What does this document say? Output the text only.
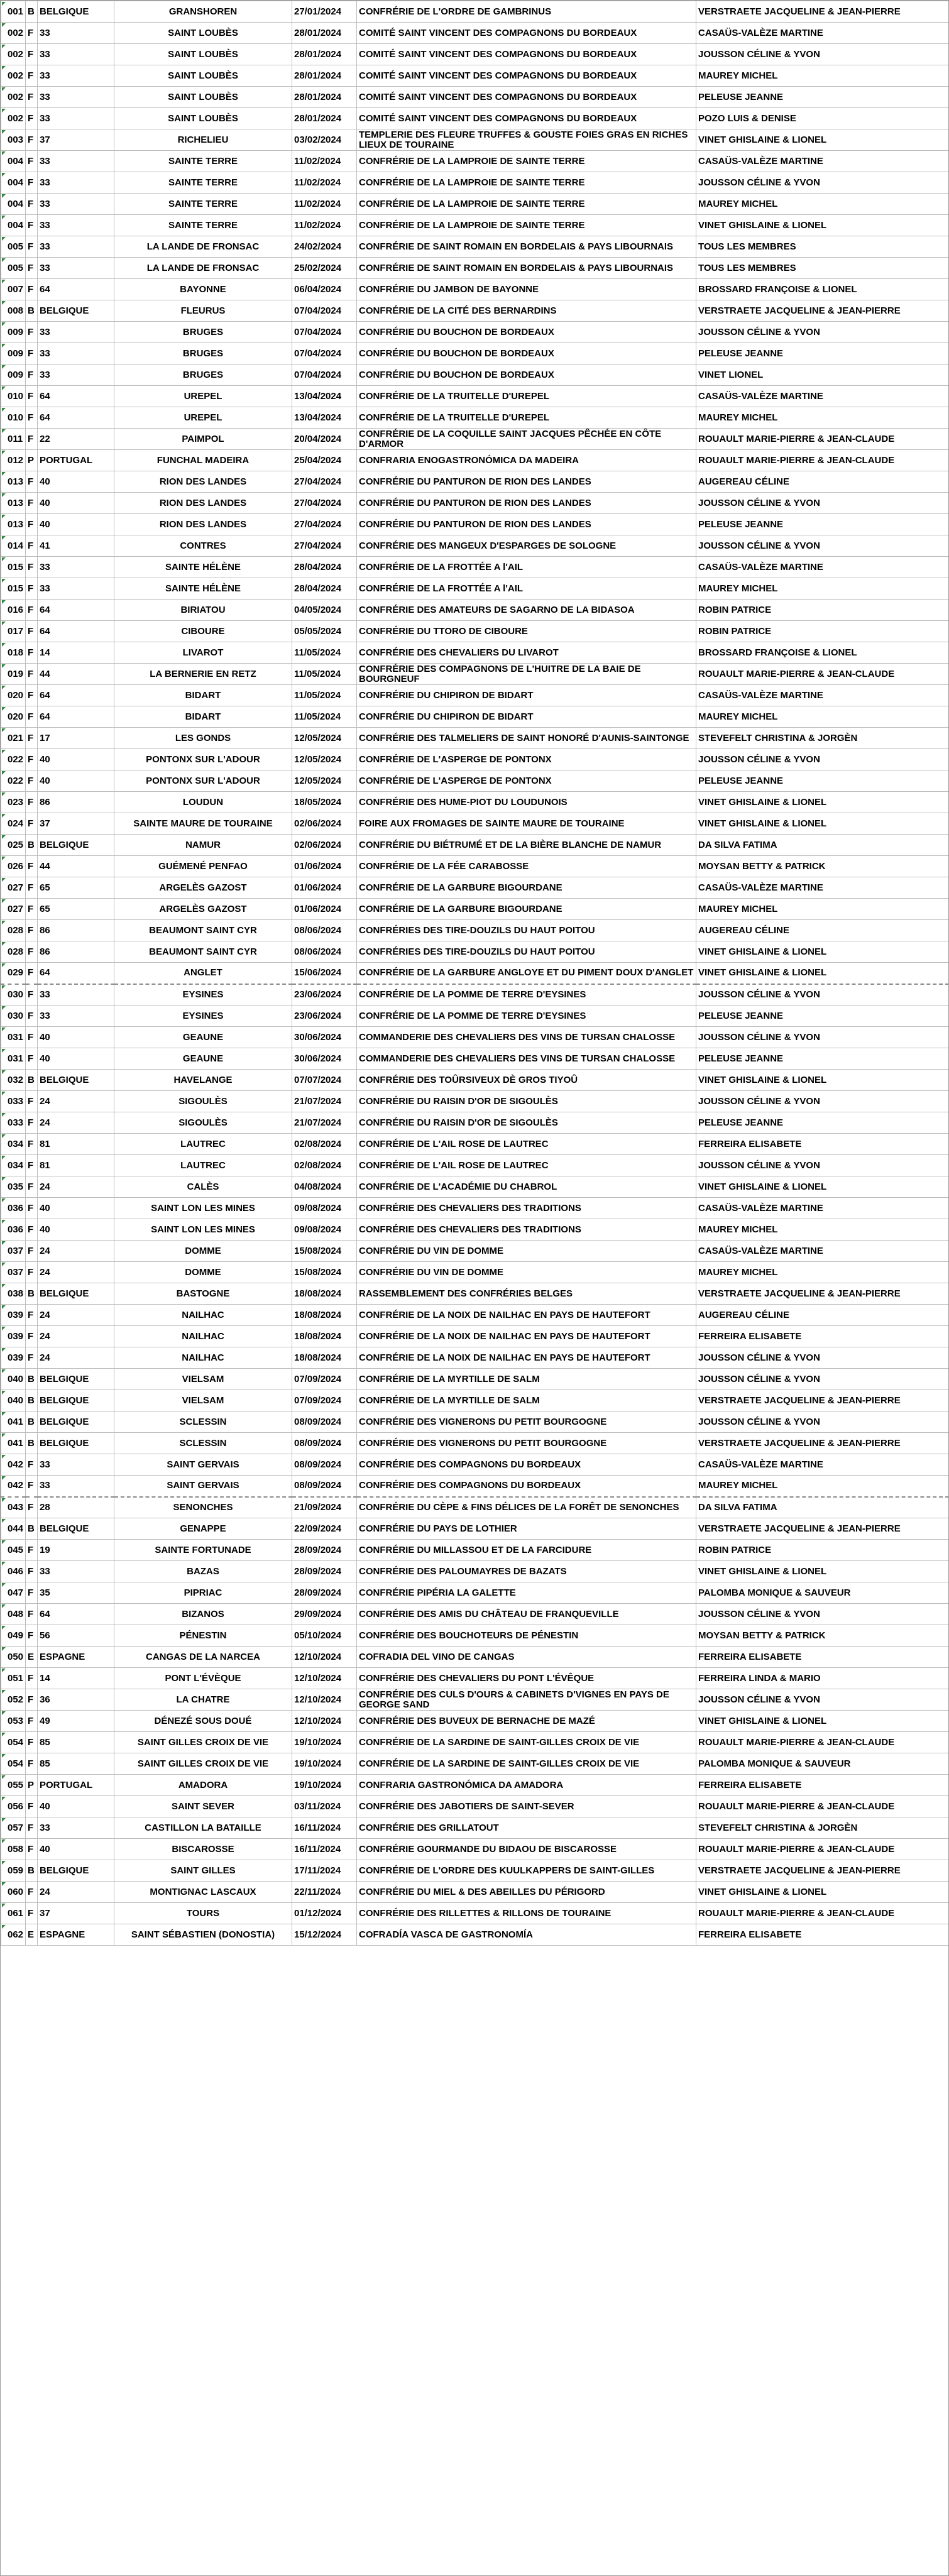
001	B	BELGIQUE	GRANSHOREN	27/01/2024	CONFRÉRIE DE L'ORDRE DE GAMBRINUS	VERSTRAETE JACQUELINE & JEAN-PIERRE
002	F	33	SAINT LOUBÈS	28/01/2024	COMITÉ SAINT VINCENT DES COMPAGNONS DU BORDEAUX	CASAÜS-VALÈZE MARTINE
002	F	33	SAINT LOUBÈS	28/01/2024	COMITÉ SAINT VINCENT DES COMPAGNONS DU BORDEAUX	JOUSSON CÉLINE & YVON
002	F	33	SAINT LOUBÈS	28/01/2024	COMITÉ SAINT VINCENT DES COMPAGNONS DU BORDEAUX	MAUREY MICHEL
002	F	33	SAINT LOUBÈS	28/01/2024	COMITÉ SAINT VINCENT DES COMPAGNONS DU BORDEAUX	PELEUSE JEANNE
002	F	33	SAINT LOUBÈS	28/01/2024	COMITÉ SAINT VINCENT DES COMPAGNONS DU BORDEAUX	POZO LUIS & DENISE
003	F	37	RICHELIEU	03/02/2024	TEMPLERIE DES FLEURE TRUFFES & GOUSTE FOIES GRAS EN RICHES LIEUX DE TOURAINE	VINET GHISLAINE & LIONEL
004	F	33	SAINTE TERRE	11/02/2024	CONFRÉRIE DE LA LAMPROIE DE SAINTE TERRE	CASAÜS-VALÈZE MARTINE
004	F	33	SAINTE TERRE	11/02/2024	CONFRÉRIE DE LA LAMPROIE DE SAINTE TERRE	JOUSSON CÉLINE & YVON
004	F	33	SAINTE TERRE	11/02/2024	CONFRÉRIE DE LA LAMPROIE DE SAINTE TERRE	MAUREY MICHEL
004	F	33	SAINTE TERRE	11/02/2024	CONFRÉRIE DE LA LAMPROIE DE SAINTE TERRE	VINET GHISLAINE & LIONEL
005	F	33	LA LANDE DE FRONSAC	24/02/2024	CONFRÉRIE DE SAINT ROMAIN EN BORDELAIS & PAYS LIBOURNAIS	TOUS LES MEMBRES
005	F	33	LA LANDE DE FRONSAC	25/02/2024	CONFRÉRIE DE SAINT ROMAIN EN BORDELAIS & PAYS LIBOURNAIS	TOUS LES MEMBRES
007	F	64	BAYONNE	06/04/2024	CONFRÉRIE DU JAMBON DE BAYONNE	BROSSARD FRANÇOISE & LIONEL
008	B	BELGIQUE	FLEURUS	07/04/2024	CONFRÉRIE DE LA CITÉ DES BERNARDINS	VERSTRAETE JACQUELINE & JEAN-PIERRE
009	F	33	BRUGES	07/04/2024	CONFRÉRIE DU BOUCHON DE BORDEAUX	JOUSSON CÉLINE & YVON
009	F	33	BRUGES	07/04/2024	CONFRÉRIE DU BOUCHON DE BORDEAUX	PELEUSE JEANNE
009	F	33	BRUGES	07/04/2024	CONFRÉRIE DU BOUCHON DE BORDEAUX	VINET LIONEL
010	F	64	UREPEL	13/04/2024	CONFRÉRIE DE LA TRUITELLE D'UREPEL	CASAÜS-VALÈZE MARTINE
010	F	64	UREPEL	13/04/2024	CONFRÉRIE DE LA TRUITELLE D'UREPEL	MAUREY MICHEL
011	F	22	PAIMPOL	20/04/2024	CONFRÉRIE DE LA COQUILLE SAINT JACQUES PÊCHÉE EN CÔTE D'ARMOR	ROUAULT MARIE-PIERRE & JEAN-CLAUDE
012	P	PORTUGAL	FUNCHAL MADEIRA	25/04/2024	CONFRARIA ENOGASTRONÓMICA DA MADEIRA	ROUAULT MARIE-PIERRE & JEAN-CLAUDE
013	F	40	RION DES LANDES	27/04/2024	CONFRÉRIE DU PANTURON DE RION DES LANDES	AUGEREAU CÉLINE
013	F	40	RION DES LANDES	27/04/2024	CONFRÉRIE DU PANTURON DE RION DES LANDES	JOUSSON CÉLINE & YVON
013	F	40	RION DES LANDES	27/04/2024	CONFRÉRIE DU PANTURON DE RION DES LANDES	PELEUSE JEANNE
014	F	41	CONTRES	27/04/2024	CONFRÉRIE DES MANGEUX D'ESPARGES DE SOLOGNE	JOUSSON CÉLINE & YVON
015	F	33	SAINTE HÉLÈNE	28/04/2024	CONFRÉRIE DE LA FROTTÉE A l'AIL	CASAÜS-VALÈZE MARTINE
015	F	33	SAINTE HÉLÈNE	28/04/2024	CONFRÉRIE DE LA FROTTÉE A l'AIL	MAUREY MICHEL
016	F	64	BIRIATOU	04/05/2024	CONFRÉRIE DES AMATEURS DE SAGARNO DE LA BIDASOA	ROBIN PATRICE
017	F	64	CIBOURE	05/05/2024	CONFRÉRIE DU TTORO DE CIBOURE	ROBIN PATRICE
018	F	14	LIVAROT	11/05/2024	CONFRÉRIE DES CHEVALIERS DU LIVAROT	BROSSARD FRANÇOISE & LIONEL
019	F	44	LA BERNERIE EN RETZ	11/05/2024	CONFRÉRIE DES COMPAGNONS DE L'HUITRE DE LA BAIE DE BOURGNEUF	ROUAULT MARIE-PIERRE & JEAN-CLAUDE
020	F	64	BIDART	11/05/2024	CONFRÉRIE DU CHIPIRON DE BIDART	CASAÜS-VALÈZE MARTINE
020	F	64	BIDART	11/05/2024	CONFRÉRIE DU CHIPIRON DE BIDART	MAUREY MICHEL
021	F	17	LES GONDS	12/05/2024	CONFRÉRIE DES TALMELIERS DE SAINT HONORÉ D'AUNIS-SAINTONGE	STEVEFELT CHRISTINA & JORGÈN
022	F	40	PONTONX SUR L'ADOUR	12/05/2024	CONFRÉRIE DE L'ASPERGE DE PONTONX	JOUSSON CÉLINE & YVON
022	F	40	PONTONX SUR L'ADOUR	12/05/2024	CONFRÉRIE DE L'ASPERGE DE PONTONX	PELEUSE JEANNE
023	F	86	LOUDUN	18/05/2024	CONFRÉRIE DES HUME-PIOT DU LOUDUNOIS	VINET GHISLAINE & LIONEL
024	F	37	SAINTE MAURE DE TOURAINE	02/06/2024	FOIRE AUX FROMAGES DE SAINTE MAURE DE TOURAINE	VINET GHISLAINE & LIONEL
025	B	BELGIQUE	NAMUR	02/06/2024	CONFRÉRIE DU BIÉTRUMÉ ET DE LA BIÈRE BLANCHE DE NAMUR	DA SILVA FATIMA
026	F	44	GUÉMENÉ PENFAO	01/06/2024	CONFRÉRIE DE LA FÉE CARABOSSE	MOYSAN BETTY & PATRICK
027	F	65	ARGELÈS GAZOST	01/06/2024	CONFRÉRIE DE LA GARBURE BIGOURDANE	CASAÜS-VALÈZE MARTINE
027	F	65	ARGELÈS GAZOST	01/06/2024	CONFRÉRIE DE LA GARBURE BIGOURDANE	MAUREY MICHEL
028	F	86	BEAUMONT SAINT CYR	08/06/2024	CONFRÉRIES DES TIRE-DOUZILS DU HAUT POITOU	AUGEREAU CÉLINE
028	F	86	BEAUMONT SAINT CYR	08/06/2024	CONFRÉRIES DES TIRE-DOUZILS DU HAUT POITOU	VINET GHISLAINE & LIONEL
029	F	64	ANGLET	15/06/2024	CONFRÉRIE DE LA GARBURE ANGLOYE ET DU PIMENT DOUX D'ANGLET	VINET GHISLAINE & LIONEL
030	F	33	EYSINES	23/06/2024	CONFRÉRIE DE LA POMME DE TERRE D'EYSINES	JOUSSON CÉLINE & YVON
030	F	33	EYSINES	23/06/2024	CONFRÉRIE DE LA POMME DE TERRE D'EYSINES	PELEUSE JEANNE
031	F	40	GEAUNE	30/06/2024	COMMANDERIE DES CHEVALIERS DES VINS DE TURSAN CHALOSSE	JOUSSON CÉLINE & YVON
031	F	40	GEAUNE	30/06/2024	COMMANDERIE DES CHEVALIERS DES VINS DE TURSAN CHALOSSE	PELEUSE JEANNE
032	B	BELGIQUE	HAVELANGE	07/07/2024	CONFRÉRIE DES TOÛRSIVEUX DÈ GROS TIYOÛ	VINET GHISLAINE & LIONEL
033	F	24	SIGOULÈS	21/07/2024	CONFRÉRIE DU RAISIN D'OR DE SIGOULÈS	JOUSSON CÉLINE & YVON
033	F	24	SIGOULÈS	21/07/2024	CONFRÉRIE DU RAISIN D'OR DE SIGOULÈS	PELEUSE JEANNE
034	F	81	LAUTREC	02/08/2024	CONFRÉRIE DE L'AIL ROSE DE LAUTREC	FERREIRA ELISABETE
034	F	81	LAUTREC	02/08/2024	CONFRÉRIE DE L'AIL ROSE DE LAUTREC	JOUSSON CÉLINE & YVON
035	F	24	CALÈS	04/08/2024	CONFRÉRIE DE L'ACADÉMIE DU CHABROL	VINET GHISLAINE & LIONEL
036	F	40	SAINT LON LES MINES	09/08/2024	CONFRÉRIE DES CHEVALIERS DES TRADITIONS	CASAÜS-VALÈZE MARTINE
036	F	40	SAINT LON LES MINES	09/08/2024	CONFRÉRIE DES CHEVALIERS DES TRADITIONS	MAUREY MICHEL
037	F	24	DOMME	15/08/2024	CONFRÉRIE DU VIN DE DOMME	CASAÜS-VALÈZE MARTINE
037	F	24	DOMME	15/08/2024	CONFRÉRIE DU VIN DE DOMME	MAUREY MICHEL
038	B	BELGIQUE	BASTOGNE	18/08/2024	RASSEMBLEMENT DES CONFRÉRIES BELGES	VERSTRAETE JACQUELINE & JEAN-PIERRE
039	F	24	NAILHAC	18/08/2024	CONFRÉRIE DE LA NOIX DE NAILHAC EN PAYS DE HAUTEFORT	AUGEREAU CÉLINE
039	F	24	NAILHAC	18/08/2024	CONFRÉRIE DE LA NOIX DE NAILHAC EN PAYS DE HAUTEFORT	FERREIRA ELISABETE
039	F	24	NAILHAC	18/08/2024	CONFRÉRIE DE LA NOIX DE NAILHAC EN PAYS DE HAUTEFORT	JOUSSON CÉLINE & YVON
040	B	BELGIQUE	VIELSAM	07/09/2024	CONFRÉRIE DE LA MYRTILLE DE SALM	JOUSSON CÉLINE & YVON
040	B	BELGIQUE	VIELSAM	07/09/2024	CONFRÉRIE DE LA MYRTILLE DE SALM	VERSTRAETE JACQUELINE & JEAN-PIERRE
041	B	BELGIQUE	SCLESSIN	08/09/2024	CONFRÉRIE DES VIGNERONS DU PETIT BOURGOGNE	JOUSSON CÉLINE & YVON
041	B	BELGIQUE	SCLESSIN	08/09/2024	CONFRÉRIE DES VIGNERONS DU PETIT BOURGOGNE	VERSTRAETE JACQUELINE & JEAN-PIERRE
042	F	33	SAINT GERVAIS	08/09/2024	CONFRÉRIE DES COMPAGNONS DU BORDEAUX	CASAÜS-VALÈZE MARTINE
042	F	33	SAINT GERVAIS	08/09/2024	CONFRÉRIE DES COMPAGNONS DU BORDEAUX	MAUREY MICHEL
043	F	28	SENONCHES	21/09/2024	CONFRÉRIE DU CÈPE & FINS DÉLICES DE LA FORÊT DE SENONCHES	DA SILVA FATIMA
044	B	BELGIQUE	GENAPPE	22/09/2024	CONFRÉRIE DU PAYS DE LOTHIER	VERSTRAETE JACQUELINE & JEAN-PIERRE
045	F	19	SAINTE FORTUNADE	28/09/2024	CONFRÉRIE DU MILLASSOU ET DE LA FARCIDURE	ROBIN PATRICE
046	F	33	BAZAS	28/09/2024	CONFRÉRIE DES PALOUMAYRES DE BAZATS	VINET GHISLAINE & LIONEL
047	F	35	PIPRIAC	28/09/2024	CONFRÉRIE PIPÉRIA LA GALETTE	PALOMBA MONIQUE & SAUVEUR
048	F	64	BIZANOS	29/09/2024	CONFRÉRIE DES AMIS DU CHÂTEAU DE FRANQUEVILLE	JOUSSON CÉLINE & YVON
049	F	56	PÉNESTIN	05/10/2024	CONFRÉRIE DES BOUCHOTEURS DE PÉNESTIN	MOYSAN BETTY & PATRICK
050	E	ESPAGNE	CANGAS DE LA NARCEA	12/10/2024	COFRADIA DEL VINO DE CANGAS	FERREIRA ELISABETE
051	F	14	PONT L'ÉVÈQUE	12/10/2024	CONFRÉRIE DES CHEVALIERS DU PONT L'ÉVÊQUE	FERREIRA LINDA & MARIO
052	F	36	LA CHATRE	12/10/2024	CONFRÉRIE DES CULS D'OURS & CABINETS D'VIGNES EN PAYS DE GEORGE SAND	JOUSSON CÉLINE & YVON
053	F	49	DÉNEZÉ SOUS DOUÉ	12/10/2024	CONFRÉRIE DES BUVEUX DE BERNACHE DE MAZÉ	VINET GHISLAINE & LIONEL
054	F	85	SAINT GILLES CROIX DE VIE	19/10/2024	CONFRÉRIE DE LA SARDINE DE SAINT-GILLES CROIX DE VIE	ROUAULT MARIE-PIERRE & JEAN-CLAUDE
054	F	85	SAINT GILLES CROIX DE VIE	19/10/2024	CONFRÉRIE DE LA SARDINE DE SAINT-GILLES CROIX DE VIE	PALOMBA MONIQUE & SAUVEUR
055	P	PORTUGAL	AMADORA	19/10/2024	CONFRARIA GASTRONÓMICA DA AMADORA	FERREIRA ELISABETE
056	F	40	SAINT SEVER	03/11/2024	CONFRÉRIE DES JABOTIERS DE SAINT-SEVER	ROUAULT MARIE-PIERRE & JEAN-CLAUDE
057	F	33	CASTILLON LA BATAILLE	16/11/2024	CONFRÉRIE DES GRILLATOUT	STEVEFELT CHRISTINA & JORGÈN
058	F	40	BISCAROSSE	16/11/2024	CONFRÉRIE GOURMANDE DU BIDAOU DE BISCAROSSE	ROUAULT MARIE-PIERRE & JEAN-CLAUDE
059	B	BELGIQUE	SAINT GILLES	17/11/2024	CONFRÉRIE DE L'ORDRE DES KUULKAPPERS DE SAINT-GILLES	VERSTRAETE JACQUELINE & JEAN-PIERRE
060	F	24	MONTIGNAC LASCAUX	22/11/2024	CONFRÉRIE DU MIEL & DES ABEILLES DU PÉRIGORD	VINET GHISLAINE & LIONEL
061	F	37	TOURS	01/12/2024	CONFRÉRIE DES RILLETTES & RILLONS DE TOURAINE	ROUAULT MARIE-PIERRE & JEAN-CLAUDE
062	E	ESPAGNE	SAINT SÉBASTIEN (DONOSTIA)	15/12/2024	COFRADÍA VASCA DE GASTRONOMÍA	FERREIRA ELISABETE
